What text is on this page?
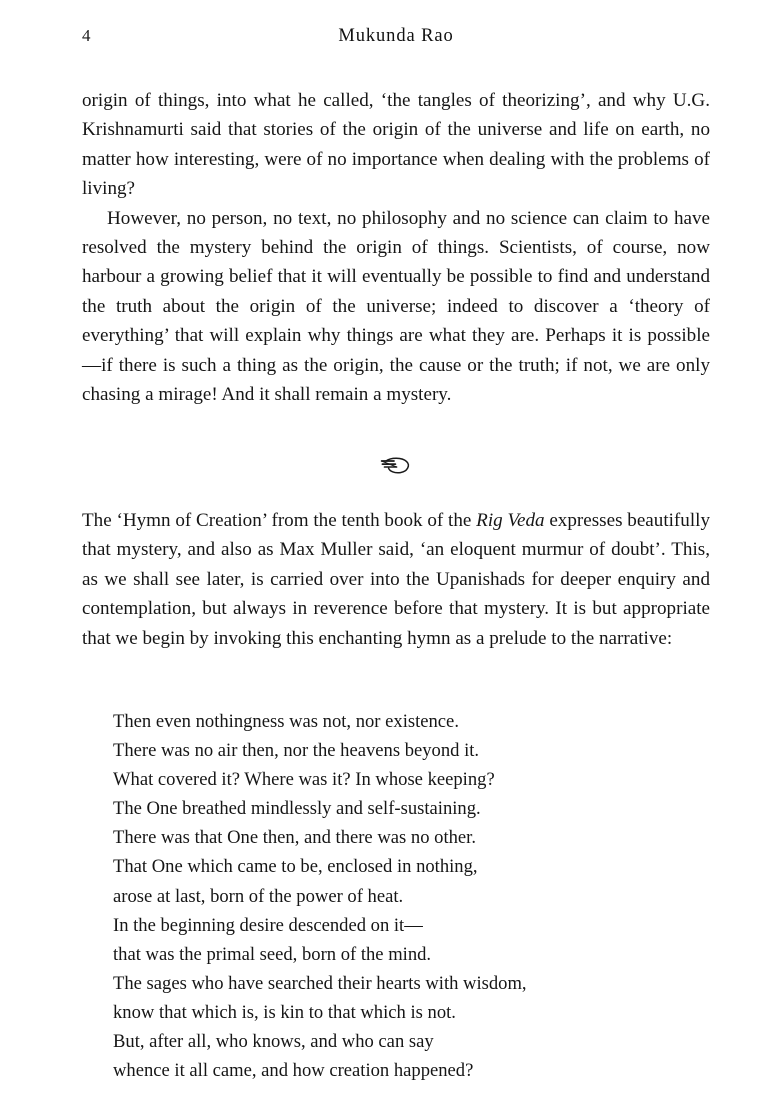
4	Mukunda Rao

origin of things, into what he called, ‘the tangles of theorizing’, and why U.G. Krishnamurti said that stories of the origin of the universe and life on earth, no matter how interesting, were of no importance when dealing with the problems of living?

However, no person, no text, no philosophy and no science can claim to have resolved the mystery behind the origin of things. Scientists, of course, now harbour a growing belief that it will eventually be possible to find and understand the truth about the origin of the universe; indeed to discover a ‘theory of everything’ that will explain why things are what they are. Perhaps it is possible—if there is such a thing as the origin, the cause or the truth; if not, we are only chasing a mirage! And it shall remain a mystery.

The ‘Hymn of Creation’ from the tenth book of the Rig Veda expresses beautifully that mystery, and also as Max Muller said, ‘an eloquent murmur of doubt’. This, as we shall see later, is carried over into the Upanishads for deeper enquiry and contemplation, but always in reverence before that mystery. It is but appropriate that we begin by invoking this enchanting hymn as a prelude to the narrative:

Then even nothingness was not, nor existence.
There was no air then, nor the heavens beyond it.
What covered it? Where was it? In whose keeping?
The One breathed mindlessly and self-sustaining.
There was that One then, and there was no other.
That One which came to be, enclosed in nothing,
arose at last, born of the power of heat.
In the beginning desire descended on it—
that was the primal seed, born of the mind.
The sages who have searched their hearts with wisdom,
know that which is, is kin to that which is not.
But, after all, who knows, and who can say
whence it all came, and how creation happened?
